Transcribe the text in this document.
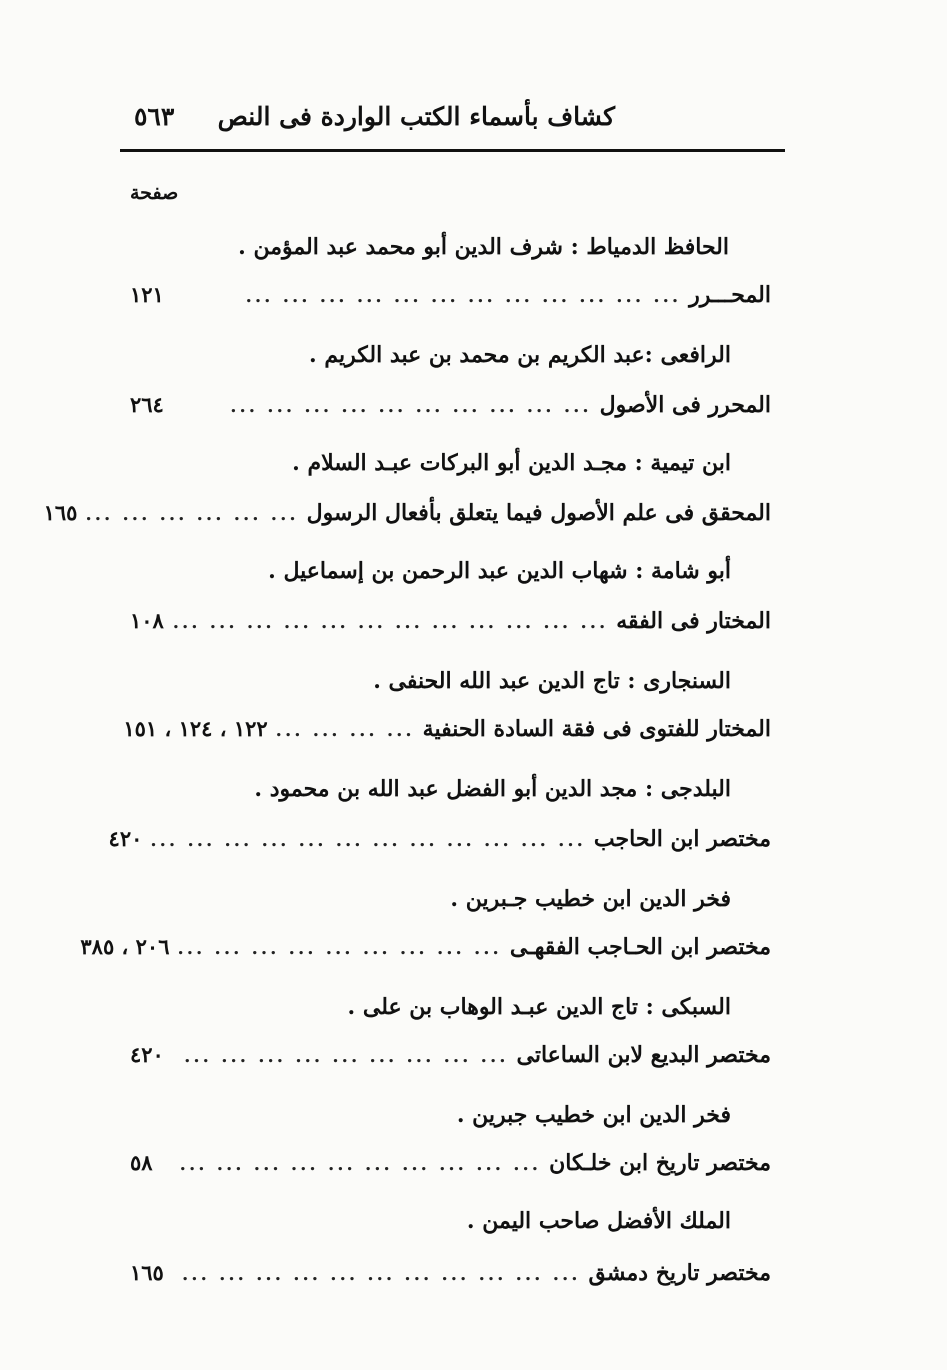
كشاف بأسماء الكتب الواردة فى النص
٥٦٣
صفحة
الحافظ الدمياط : شرف الدين أبو محمد عبد المؤمن .
المحـــرر
... ... ... ... ... ... ... ... ... ... ... ...
١٢١
الرافعى :عبد الكريم بن محمد بن عبد الكريم .
المحرر فى الأصول
... ... ... ... ... ... ... ... ... ...
٢٦٤
ابن تيمية : مجـد الدين أبو البركات عبـد السلام .
المحقق فى علم الأصول فيما يتعلق بأفعال الرسول
... ... ... ... ... ...
١٦٥
أبو شامة : شهاب الدين عبد الرحمن بن إسماعيل .
المختار فى الفقه
... ... ... ... ... ... ... ... ... ... ... ...
١٠٨
السنجارى : تاج الدين عبد الله الحنفى .
المختار للفتوى فى فقة السادة الحنفية
... ... ... ...
١٢٢ ، ١٢٤ ، ١٥١
البلدجى : مجد الدين أبو الفضل عبد الله بن محمود .
مختصر ابن الحاجب
... ... ... ... ... ... ... ... ... ... ... ...
٤٢٠
فخر الدين ابن خطيب جـبرين .
مختصر ابن الحـاجب الفقهـى
... ... ... ... ... ... ... ... ...
٢٠٦ ، ٣٨٥
السبكى : تاج الدين عبـد الوهاب بن على .
مختصر البديع لابن الساعاتى
... ... ... ... ... ... ... ... ...
٤٢٠
فخر الدين ابن خطيب جبرين .
مختصر تاريخ ابن خلـكان
... ... ... ... ... ... ... ... ... ...
٥٨
الملك الأفضل صاحب اليمن .
مختصر تاريخ دمشق
... ... ... ... ... ... ... ... ... ... ...
١٦٥
